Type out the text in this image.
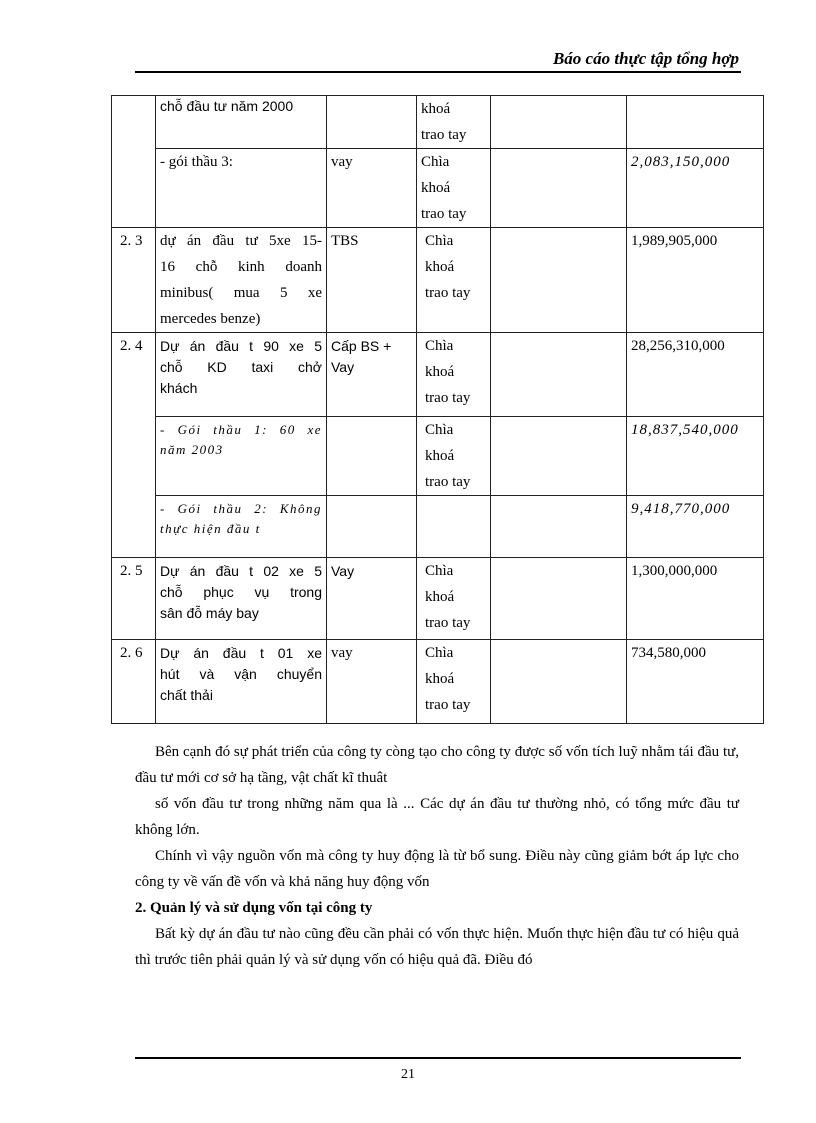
Báo cáo thực tập tổng hợp

	chỗ đầu tư năm 2000		khoá
trao tay		

	- gói thầu 3:	vay	Chìa
khoá
trao tay		2,083,150,000
2. 3	dự án đầu tư 5xe 15-
16 chỗ kinh doanh
minibus( mua 5 xe
mercedes benze)	TBS	Chìa
khoá
trao tay		1,989,905,000
2. 4	Dự án đầu t 90 xe 5
chỗ KD taxi chở
khách	Cấp BS +
Vay	Chìa
khoá
trao tay		28,256,310,000

	- Gói thầu 1: 60 xe
năm 2003		Chìa
khoá
trao tay		18,837,540,000

	- Gói thầu 2: Không
thực hiện đầu t				9,418,770,000
2. 5	Dự án đầu t 02 xe 5
chỗ phục vụ trong
sân đỗ máy bay	Vay	Chìa
khoá
trao tay		1,300,000,000
2. 6	Dự án đầu t 01 xe
hút và vận chuyển
chất thải	vay	Chìa
khoá
trao tay		734,580,000

Bên cạnh đó sự phát triển của công ty còng tạo cho công ty được số vốn tích luỹ nhằm tái đầu tư, đầu tư mới cơ sở hạ tầng, vật chất kĩ thuât

số vốn đầu tư trong những năm qua là ... Các dự án đầu tư thường nhỏ, có tổng mức đầu tư không lớn.

Chính vì vậy nguồn vốn mà công ty huy động là từ bổ sung. Điều này cũng giảm bớt áp lực cho công ty về vấn đề vốn và khả năng huy động vốn

2. Quản lý và sử dụng vốn tại công ty

Bất kỳ dự án đầu tư nào cũng đều cần phải có vốn thực hiện. Muốn thực hiện đầu tư có hiệu quả thì trước tiên phải quản lý và sử dụng vốn có hiệu quả đã. Điều đó

21
